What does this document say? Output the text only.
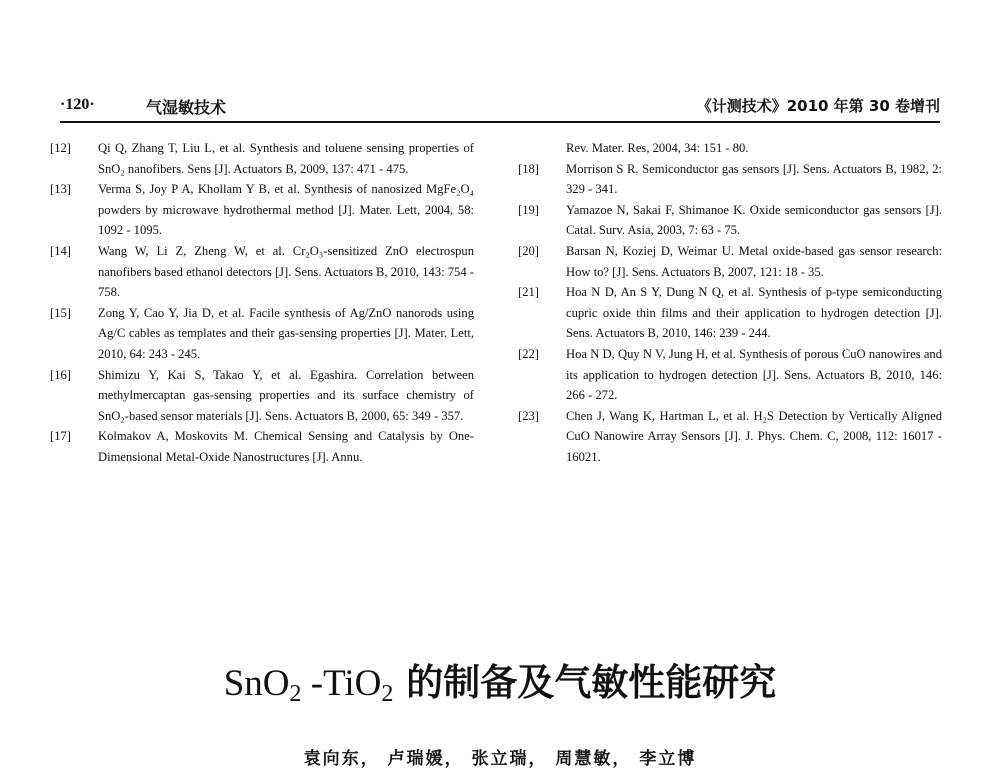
·120·	气湿敏技术	《计测技术》2010 年第 30 卷增刊
[12]	Qi Q, Zhang T, Liu L, et al. Synthesis and toluene sensing properties of SnO₂ nanofibers. Sens [J]. Actuators B, 2009, 137: 471 - 475.
[13]	Verma S, Joy P A, Khollam Y B, et al. Synthesis of nanosized MgFe₂O₄ powders by microwave hydrothermal method [J]. Mater. Lett, 2004, 58: 1092 - 1095.
[14]	Wang W, Li Z, Zheng W, et al. Cr₂O₃-sensitized ZnO electrospun nanofibers based ethanol detectors [J]. Sens. Actuators B, 2010, 143: 754 - 758.
[15]	Zong Y, Cao Y, Jia D, et al. Facile synthesis of Ag/ZnO nanorods using Ag/C cables as templates and their gas-sensing properties [J]. Mater. Lett, 2010, 64: 243 - 245.
[16]	Shimizu Y, Kai S, Takao Y, et al. Egashira. Correlation between methylmercaptan gas-sensing properties and its surface chemistry of SnO₂-based sensor materials [J]. Sens. Actuators B, 2000, 65: 349 - 357.
[17]	Kolmakov A, Moskovits M. Chemical Sensing and Catalysis by One-Dimensional Metal-Oxide Nanostructures [J]. Annu.
Rev. Mater. Res, 2004, 34: 151 - 80.
[18]	Morrison S R. Semiconductor gas sensors [J]. Sens. Actuators B, 1982, 2: 329 - 341.
[19]	Yamazoe N, Sakai F, Shimanoe K. Oxide semiconductor gas sensors [J]. Catal. Surv. Asia, 2003, 7: 63 - 75.
[20]	Barsan N, Koziej D, Weimar U. Metal oxide-based gas sensor research: How to? [J]. Sens. Actuators B, 2007, 121: 18 - 35.
[21]	Hoa N D, An S Y, Dung N Q, et al. Synthesis of p-type semiconducting cupric oxide thin films and their application to hydrogen detection [J]. Sens. Actuators B, 2010, 146: 239 - 244.
[22]	Hoa N D, Quy N V, Jung H, et al. Synthesis of porous CuO nanowires and its application to hydrogen detection [J]. Sens. Actuators B, 2010, 146: 266 - 272.
[23]	Chen J, Wang K, Hartman L, et al. H₂S Detection by Vertically Aligned CuO Nanowire Array Sensors [J]. J. Phys. Chem. C, 2008, 112: 16017 - 16021.
SnO$_2$ -TiO$_2$ 的制备及气敏性能研究
袁向东， 卢瑞媛， 张立瑞， 周慧敏， 李立博
